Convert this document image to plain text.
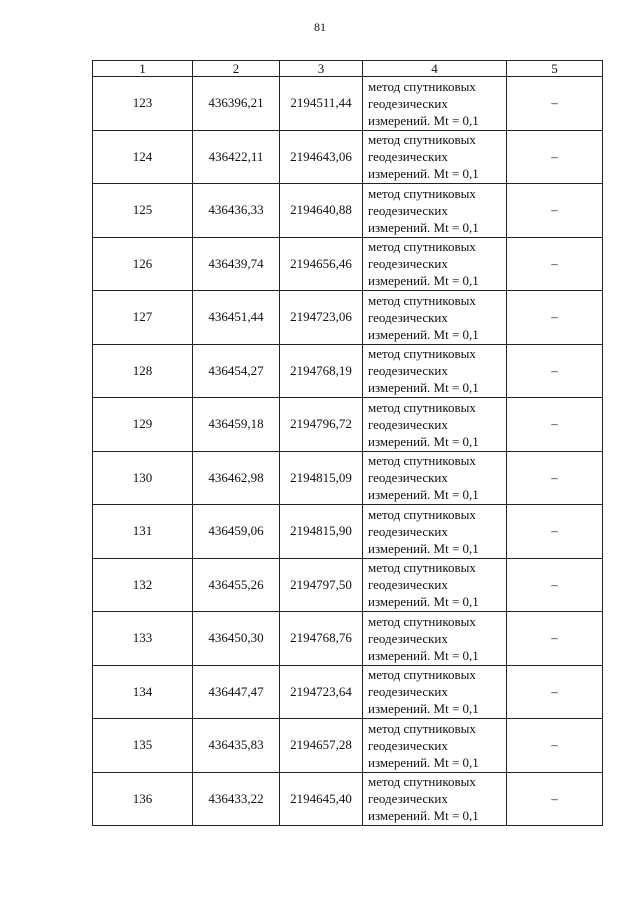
81
1	2	3	4	5
123	436396,21	2194511,44	метод спутниковых
геодезических
измерений. Mt = 0,1	–
124	436422,11	2194643,06	метод спутниковых
геодезических
измерений. Mt = 0,1	–
125	436436,33	2194640,88	метод спутниковых
геодезических
измерений. Mt = 0,1	–
126	436439,74	2194656,46	метод спутниковых
геодезических
измерений. Mt = 0,1	–
127	436451,44	2194723,06	метод спутниковых
геодезических
измерений. Mt = 0,1	–
128	436454,27	2194768,19	метод спутниковых
геодезических
измерений. Mt = 0,1	–
129	436459,18	2194796,72	метод спутниковых
геодезических
измерений. Mt = 0,1	–
130	436462,98	2194815,09	метод спутниковых
геодезических
измерений. Mt = 0,1	–
131	436459,06	2194815,90	метод спутниковых
геодезических
измерений. Mt = 0,1	–
132	436455,26	2194797,50	метод спутниковых
геодезических
измерений. Mt = 0,1	–
133	436450,30	2194768,76	метод спутниковых
геодезических
измерений. Mt = 0,1	–
134	436447,47	2194723,64	метод спутниковых
геодезических
измерений. Mt = 0,1	–
135	436435,83	2194657,28	метод спутниковых
геодезических
измерений. Mt = 0,1	–
136	436433,22	2194645,40	метод спутниковых
геодезических
измерений. Mt = 0,1	–
